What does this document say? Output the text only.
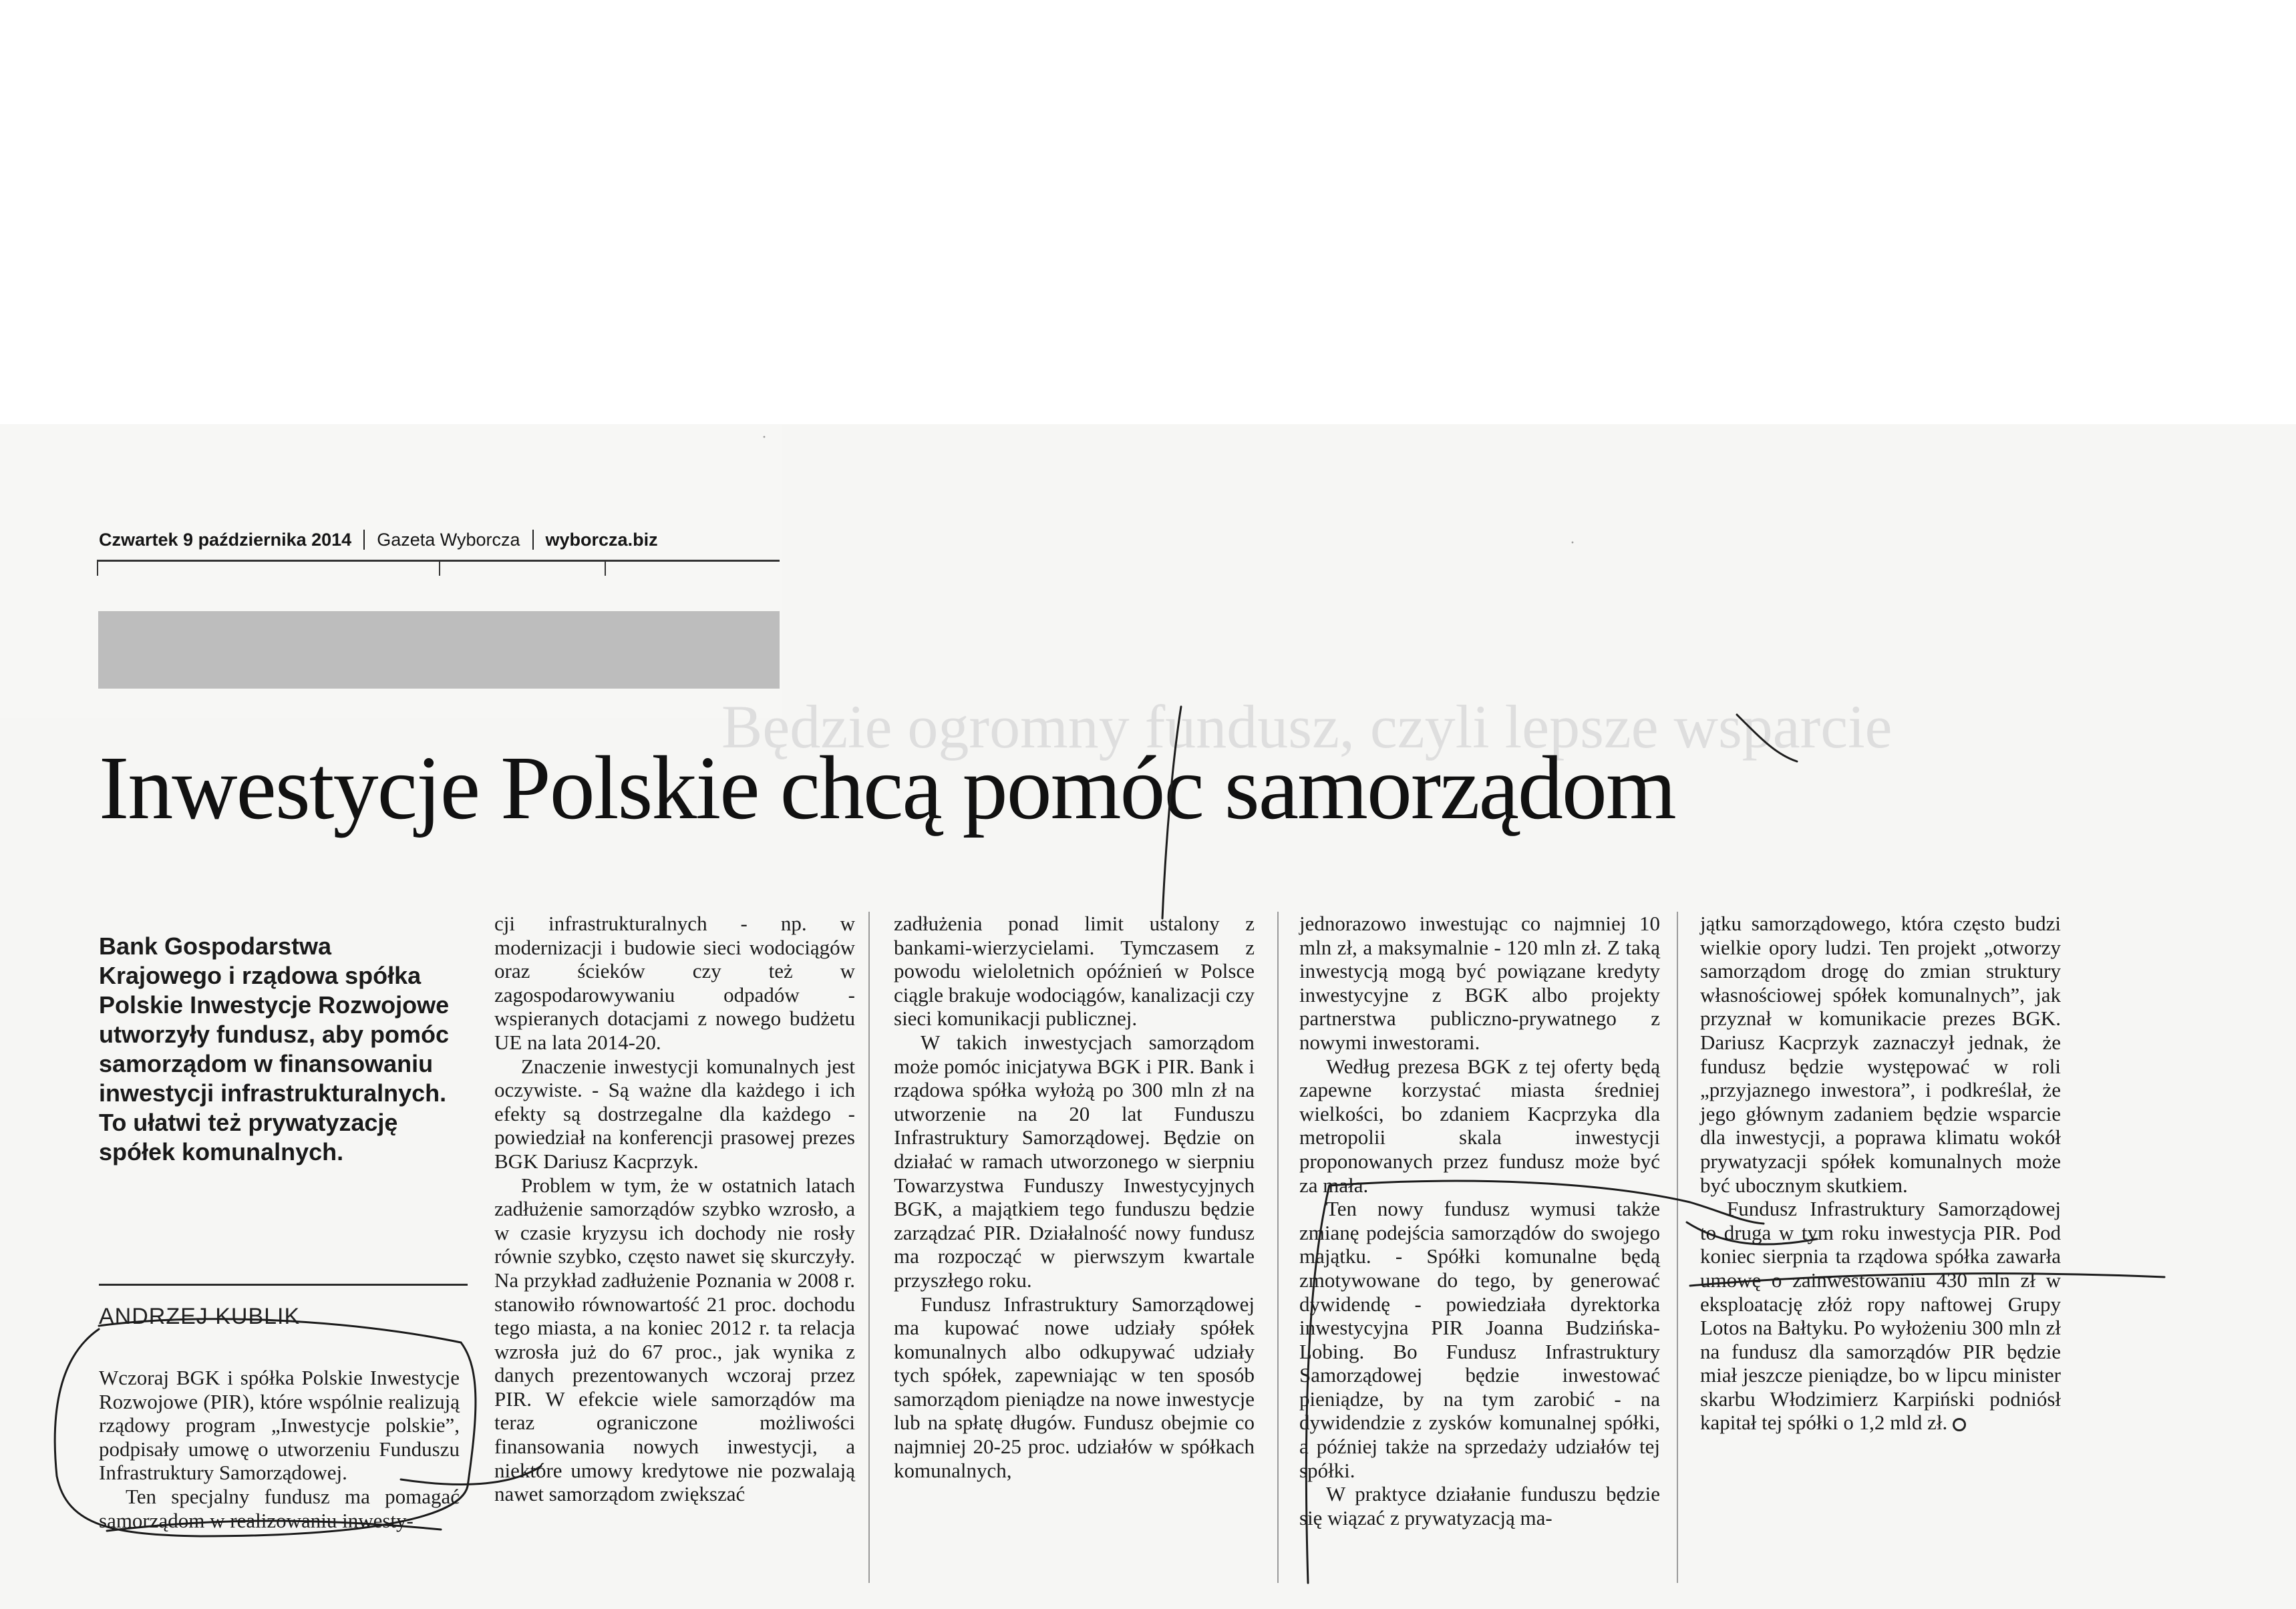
·
·
Czwartek 9 października 2014 Gazeta Wyborcza wyborcza.biz
Będzie ogromny fundusz, czyli lepsze wsparcie
Inwestycje Polskie chcą pomóc samorządom

Bank Gospodarstwa Krajowego i rządowa spółka Polskie Inwestycje Rozwojowe utworzyły fundusz, aby pomóc samorządom w finansowaniu inwestycji infrastrukturalnych. To ułatwi też prywatyzację spółek komunalnych.

ANDRZEJ KUBLIK

Wczoraj BGK i spółka Polskie Inwestycje Rozwojowe (PIR), które wspólnie realizują rządowy program „Inwestycje polskie”, podpisały umowę o utworzeniu Funduszu Infrastruktury Samorządowej.

Ten specjalny fundusz ma pomagać samorządom w realizowaniu inwesty-

cji infrastrukturalnych - np. w modernizacji i budowie sieci wodociągów oraz ścieków czy też w zagospodarowywaniu odpadów - wspieranych dotacjami z nowego budżetu UE na lata 2014-20.

Znaczenie inwestycji komunalnych jest oczywiste. - Są ważne dla każdego i ich efekty są dostrzegalne dla każdego - powiedział na konferencji prasowej prezes BGK Dariusz Kacprzyk.

Problem w tym, że w ostatnich latach zadłużenie samorządów szybko wzrosło, a w czasie kryzysu ich dochody nie rosły równie szybko, często nawet się skurczyły. Na przykład zadłużenie Poznania w 2008 r. stanowiło równowartość 21 proc. dochodu tego miasta, a na koniec 2012 r. ta relacja wzrosła już do 67 proc., jak wynika z danych prezentowanych wczoraj przez PIR. W efekcie wiele samorządów ma teraz ograniczone możliwości finansowania nowych inwestycji, a niektóre umowy kredytowe nie pozwalają nawet samorządom zwiększać

zadłużenia ponad limit ustalony z bankami-wierzycielami. Tymczasem z powodu wieloletnich opóźnień w Polsce ciągle brakuje wodociągów, kanalizacji czy sieci komunikacji publicznej.

W takich inwestycjach samorządom może pomóc inicjatywa BGK i PIR. Bank i rządowa spółka wyłożą po 300 mln zł na utworzenie na 20 lat Funduszu Infrastruktury Samorządowej. Będzie on działać w ramach utworzonego w sierpniu Towarzystwa Funduszy Inwestycyjnych BGK, a majątkiem tego funduszu będzie zarządzać PIR. Działalność nowy fundusz ma rozpocząć w pierwszym kwartale przyszłego roku.

Fundusz Infrastruktury Samorządowej ma kupować nowe udziały spółek komunalnych albo odkupywać udziały tych spółek, zapewniając w ten sposób samorządom pieniądze na nowe inwestycje lub na spłatę długów. Fundusz obejmie co najmniej 20-25 proc. udziałów w spółkach komunalnych,

jednorazowo inwestując co najmniej 10 mln zł, a maksymalnie - 120 mln zł. Z taką inwestycją mogą być powiązane kredyty inwestycyjne z BGK albo projekty partnerstwa publiczno-prywatnego z nowymi inwestorami.

Według prezesa BGK z tej oferty będą zapewne korzystać miasta średniej wielkości, bo zdaniem Kacprzyka dla metropolii skala inwestycji proponowanych przez fundusz może być za mała.

Ten nowy fundusz wymusi także zmianę podejścia samorządów do swojego majątku. - Spółki komunalne będą zmotywowane do tego, by generować dywidendę - powiedziała dyrektorka inwestycyjna PIR Joanna Budzińska-Lobing. Bo Fundusz Infrastruktury Samorządowej będzie inwestować pieniądze, by na tym zarobić - na dywidendzie z zysków komunalnej spółki, a później także na sprzedaży udziałów tej spółki.

W praktyce działanie funduszu będzie się wiązać z prywatyzacją ma-

jątku samorządowego, która często budzi wielkie opory ludzi. Ten projekt „otworzy samorządom drogę do zmian struktury własnościowej spółek komunalnych”, jak przyznał w komunikacie prezes BGK. Dariusz Kacprzyk zaznaczył jednak, że fundusz będzie występować w roli „przyjaznego inwestora”, i podkreślał, że jego głównym zadaniem będzie wsparcie dla inwestycji, a poprawa klimatu wokół prywatyzacji spółek komunalnych może być ubocznym skutkiem.

Fundusz Infrastruktury Samorządowej to druga w tym roku inwestycja PIR. Pod koniec sierpnia ta rządowa spółka zawarła umowę o zainwestowaniu 430 mln zł w eksploatację złóż ropy naftowej Grupy Lotos na Bałtyku. Po wyłożeniu 300 mln zł na fundusz dla samorządów PIR będzie miał jeszcze pieniądze, bo w lipcu minister skarbu Włodzimierz Karpiński podniósł kapitał tej spółki o 1,2 mld zł.
